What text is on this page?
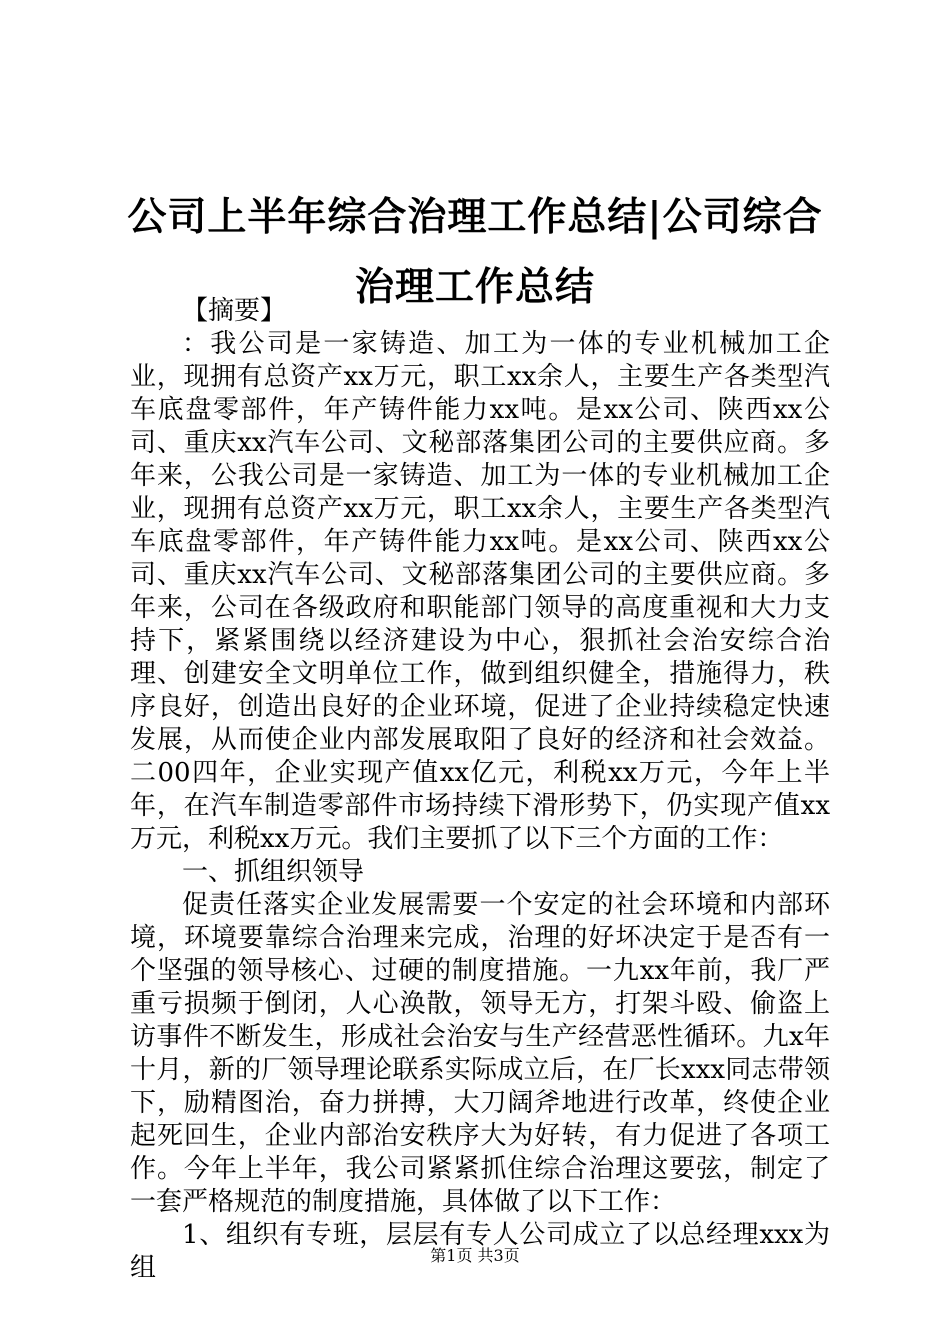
公司上半年综合治理工作总结|公司综合治理工作总结

【摘要】

：我公司是一家铸造、加工为一体的专业机械加工企业，现拥有总资产xx万元，职工xx余人，主要生产各类型汽车底盘零部件，年产铸件能力xx吨。是xx公司、陕西xx公司、重庆xx汽车公司、文秘部落集团公司的主要供应商。多年来，公我公司是一家铸造、加工为一体的专业机械加工企业，现拥有总资产xx万元，职工xx余人，主要生产各类型汽车底盘零部件，年产铸件能力xx吨。是xx公司、陕西xx公司、重庆xx汽车公司、文秘部落集团公司的主要供应商。多年来，公司在各级政府和职能部门领导的高度重视和大力支持下，紧紧围绕以经济建设为中心，狠抓社会治安综合治理、创建安全文明单位工作，做到组织健全，措施得力，秩序良好，创造出良好的企业环境，促进了企业持续稳定快速发展，从而使企业内部发展取阳了良好的经济和社会效益。二00四年，企业实现产值xx亿元，利税xx万元，今年上半年，在汽车制造零部件市场持续下滑形势下，仍实现产值xx万元，利税xx万元。我们主要抓了以下三个方面的工作：

一、抓组织领导

促责任落实企业发展需要一个安定的社会环境和内部环境，环境要靠综合治理来完成，治理的好坏决定于是否有一个坚强的领导核心、过硬的制度措施。一九xx年前，我厂严重亏损频于倒闭，人心涣散，领导无方，打架斗殴、偷盗上访事件不断发生，形成社会治安与生产经营恶性循环。九x年十月，新的厂领导理论联系实际成立后，在厂长xxx同志带领下，励精图治，奋力拼搏，大刀阔斧地进行改革，终使企业起死回生，企业内部治安秩序大为好转，有力促进了各项工作。今年上半年，我公司紧紧抓住综合治理这要弦，制定了一套严格规范的制度措施，具体做了以下工作：

1、组织有专班，层层有专人公司成立了以总经理xxx为组	第1页 共3页
